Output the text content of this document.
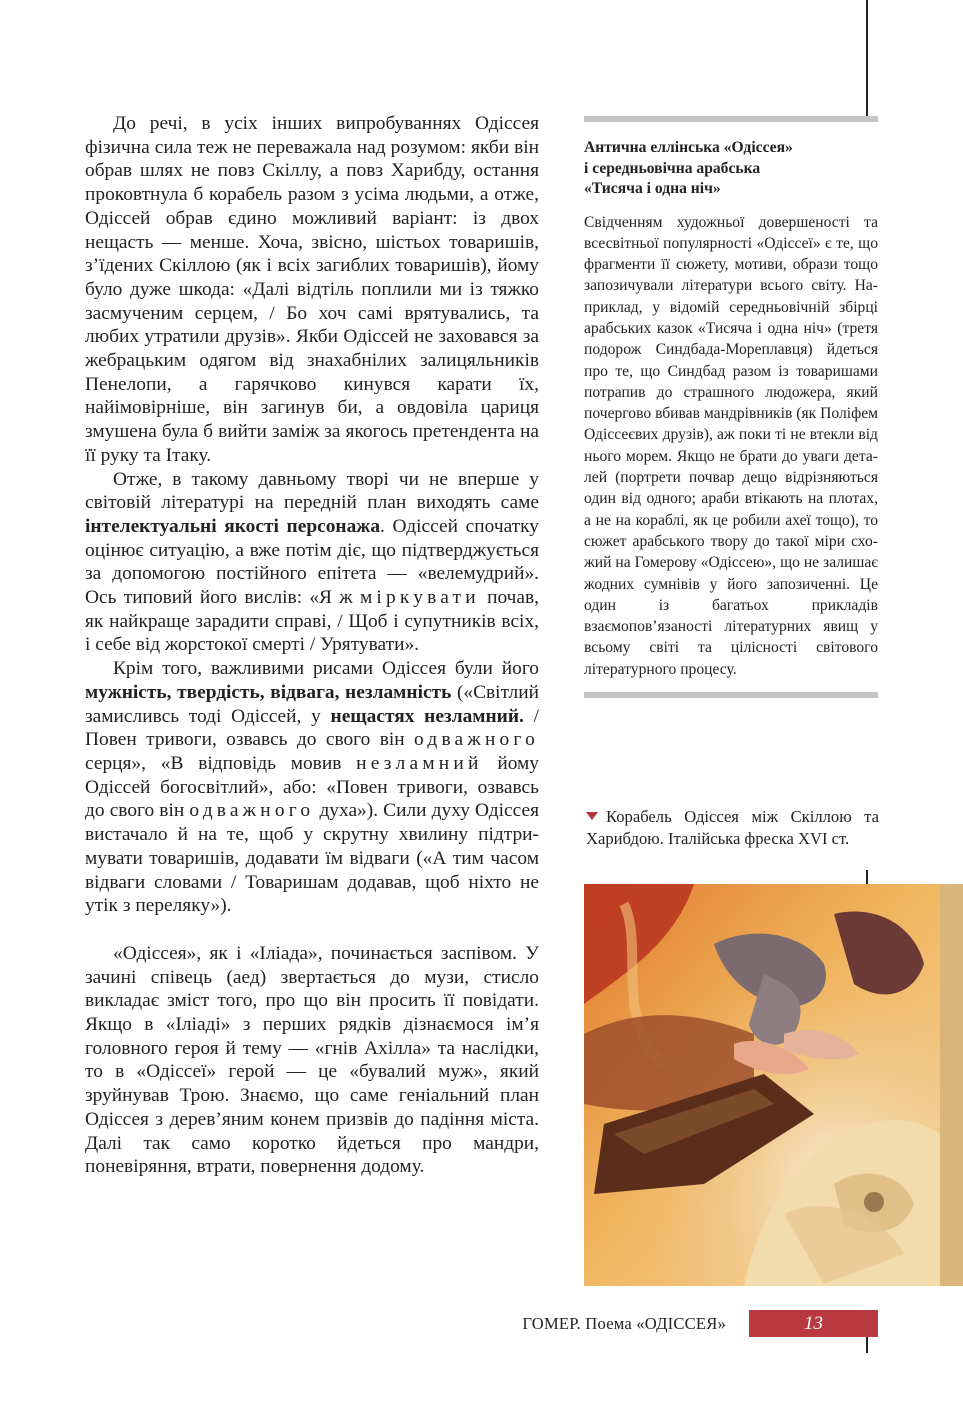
До речі, в усіх інших випробуваннях Одіссея фізична сила теж не переважала над розумом: якби він обрав шлях не повз Скіллу, а повз Харибду, остання проковтнула б корабель разом з усіма людьми, а отже, Одіссей обрав єдино можливий варіант: із двох нещасть — менше. Хоча, звісно, шістьох товаришів, з’їдених Скіллою (як і всіх загиблих товаришів), йому було дуже шкода: «Далі відтіль поплили ми із тяжко засмученим серцем, / Бо хоч самі врятувались, та любих утратили друзів». Якби Одіссей не заховався за жебрацьким одягом від знахабнілих залицяльників Пенелопи, а гарячково кинувся карати їх, найімовірніше, він загинув би, а овдовіла цариця змушена була б вийти заміж за якогось претендента на її руку та Ітаку.

Отже, в такому давньому творі чи не вперше у світовій літературі на передній план виходять саме інтелектуальні якості персонажа. Одіссей спочатку оцінює ситуацію, а вже потім діє, що підтверджується за допомогою постійного епітета — «велемудрий». Ось типовий його вислів: «Я ж міркувати почав, як найкраще зарадити справі, / Щоб і супутників всіх, і себе від жорстокої смерті / Урятувати».

Крім того, важливими рисами Одіссея були його мужність, твердість, відвага, незламність («Світлий замисливсь тоді Одіссей, у нещастях незламний. / Повен тривоги, озвавсь до свого він одважного серця», «В відповідь мовив незламний йому Одіссей богосвітлий», або: «Повен тривоги, озвавсь до свого він одважного духа»). Сили духу Одіссея вистачало й на те, щоб у скрутну хвилину підтримувати товаришів, додавати їм відваги («А тим часом відваги словами / Товаришам додавав, щоб ніхто не утік з переляку»).

«Одіссея», як і «Іліада», починається заспівом. У зачині співець (аед) звертається до музи, стисло викладає зміст того, про що він просить її повідати. Якщо в «Іліаді» з перших рядків дізнаємося ім’я головного героя й тему — «гнів Ахілла» та наслідки, то в «Одіссеї» герой — це «бувалий муж», який зруйнував Трою. Знаємо, що саме геніальний план Одіссея з дерев’яним конем призвів до падіння міста. Далі так само коротко йдеться про мандри, поневіряння, втрати, повернення додому.

Антична еллінська «Одіссея»
і середньовічна арабська
«Тисяча і одна ніч»

Свідченням художньої довершеності та всесвітньої популярності «Одіссеї» є те, що фрагменти її сюжету, мотиви, образи тощо запозичували літератури всього світу. Наприклад, у відомій середньовічній збірці арабських казок «Тисяча і одна ніч» (третя подорож Синдбада-Мореплавця) йдеться про те, що Синдбад разом із товаришами потрапив до страшного людожера, який почергово вбивав мандрівників (як Поліфем Одіссеєвих друзів), аж поки ті не втекли від нього морем. Якщо не брати до уваги деталей (портрети почвар дещо відрізняються один від одного; араби втікають на плотах, а не на кораблі, як це робили ахеї тощо), то сюжет арабського твору до такої міри схожий на Гомерову «Одіссею», що не залишає жодних сумнівів у його запозиченні. Це один із багатьох прикладів взаємопов’язаності літературних явищ у всьому світі та цілісності світового літературного процесу.

Корабель Одіссея між Скіллою та Харибдою. Італійська фреска XVI ст.
ГОМЕР. Поема «ОДІССЕЯ»	13
